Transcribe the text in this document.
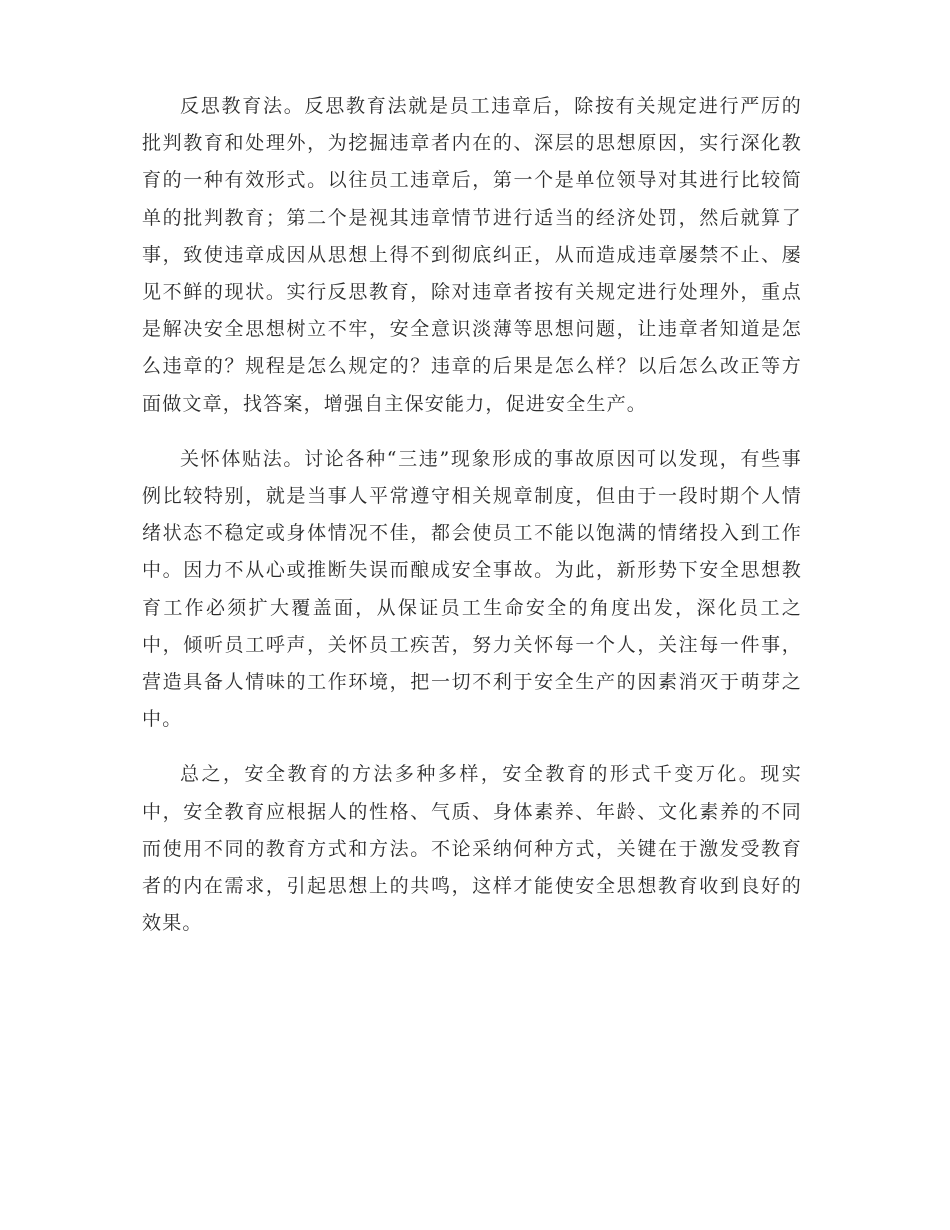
反思教育法。反思教育法就是员工违章后，除按有关规定进行严厉的批判教育和处理外，为挖掘违章者内在的、深层的思想原因，实行深化教育的一种有效形式。以往员工违章后，第一个是单位领导对其进行比较简单的批判教育；第二个是视其违章情节进行适当的经济处罚，然后就算了事，致使违章成因从思想上得不到彻底纠正，从而造成违章屡禁不止、屡见不鲜的现状。实行反思教育，除对违章者按有关规定进行处理外，重点是解决安全思想树立不牢，安全意识淡薄等思想问题，让违章者知道是怎么违章的？规程是怎么规定的？违章的后果是怎么样？以后怎么改正等方面做文章，找答案，增强自主保安能力，促进安全生产。

关怀体贴法。讨论各种“三违”现象形成的事故原因可以发现，有些事例比较特别，就是当事人平常遵守相关规章制度，但由于一段时期个人情绪状态不稳定或身体情况不佳，都会使员工不能以饱满的情绪投入到工作中。因力不从心或推断失误而酿成安全事故。为此，新形势下安全思想教育工作必须扩大覆盖面，从保证员工生命安全的角度出发，深化员工之中，倾听员工呼声，关怀员工疾苦，努力关怀每一个人，关注每一件事，营造具备人情味的工作环境，把一切不利于安全生产的因素消灭于萌芽之中。

总之，安全教育的方法多种多样，安全教育的形式千变万化。现实中，安全教育应根据人的性格、气质、身体素养、年龄、文化素养的不同而使用不同的教育方式和方法。不论采纳何种方式，关键在于激发受教育者的内在需求，引起思想上的共鸣，这样才能使安全思想教育收到良好的效果。
